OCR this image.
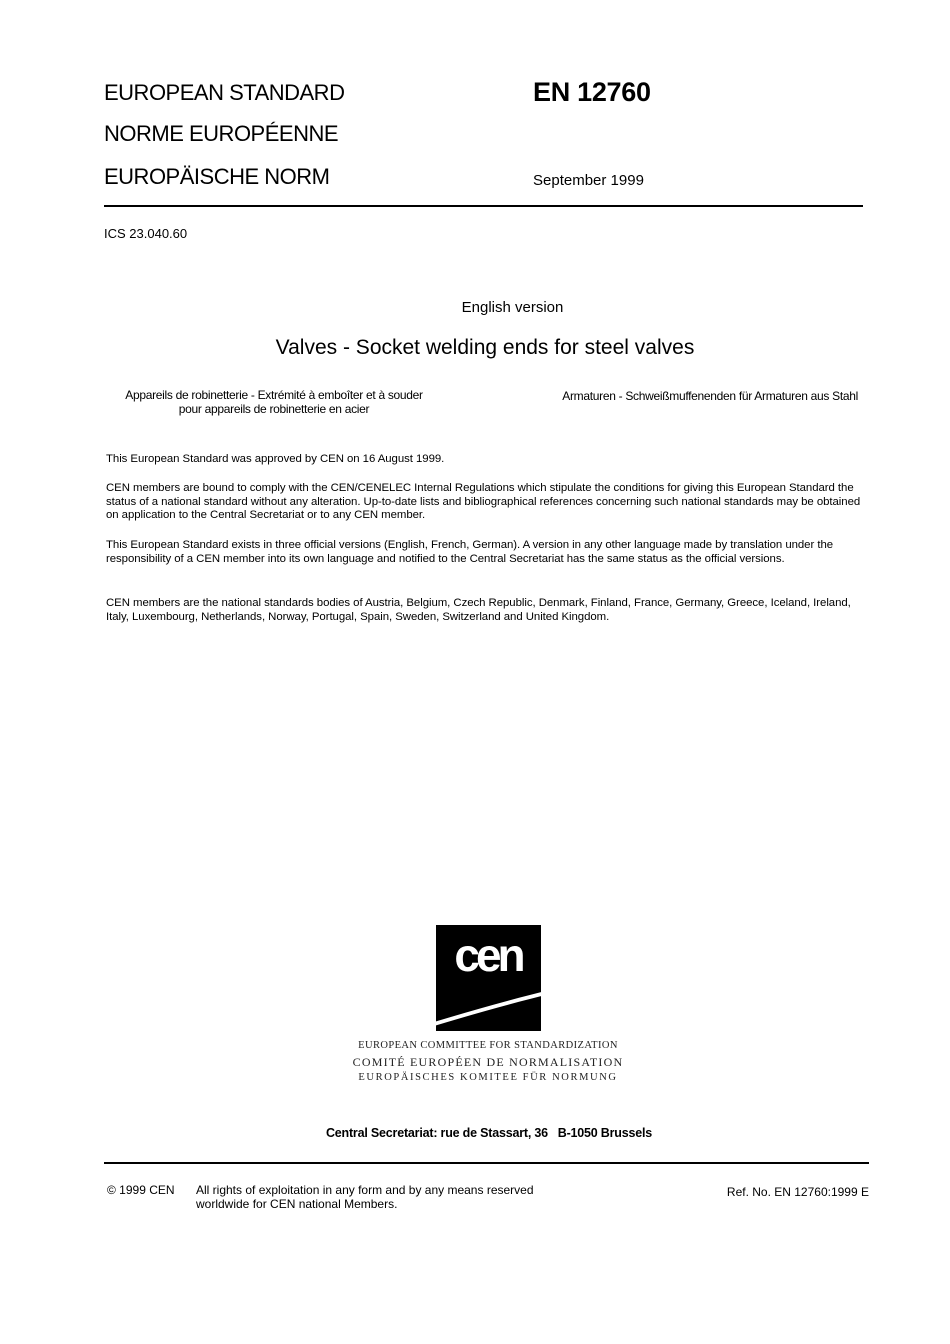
EUROPEAN STANDARD
NORME EUROPÉENNE
EUROPÄISCHE NORM
EN 12760
September 1999
ICS 23.040.60
English version
Valves - Socket welding ends for steel valves
Appareils de robinetterie - Extrémité à emboîter et à souder
pour appareils de robinetterie en acier
Armaturen - Schweißmuffenenden für Armaturen aus Stahl

This European Standard was approved by CEN on 16 August 1999.

CEN members are bound to comply with the CEN/CENELEC Internal Regulations which stipulate the conditions for giving this European Standard the status of a national standard without any alteration. Up-to-date lists and bibliographical references concerning such national standards may be obtained on application to the Central Secretariat or to any CEN member.

This European Standard exists in three official versions (English, French, German). A version in any other language made by translation under the responsibility of a CEN member into its own language and notified to the Central Secretariat has the same status as the official versions.

CEN members are the national standards bodies of Austria, Belgium, Czech Republic, Denmark, Finland, France, Germany, Greece, Iceland, Ireland, Italy, Luxembourg, Netherlands, Norway, Portugal, Spain, Sweden, Switzerland and United Kingdom.

cen
EUROPEAN COMMITTEE FOR STANDARDIZATION
COMITÉ EUROPÉEN DE NORMALISATION
EUROPÄISCHES KOMITEE FÜR NORMUNG
Central Secretariat: rue de Stassart, 36   B-1050 Brussels
© 1999 CEN All rights of exploitation in any form and by any means reserved
worldwide for CEN national Members.
Ref. No. EN 12760:1999 E
